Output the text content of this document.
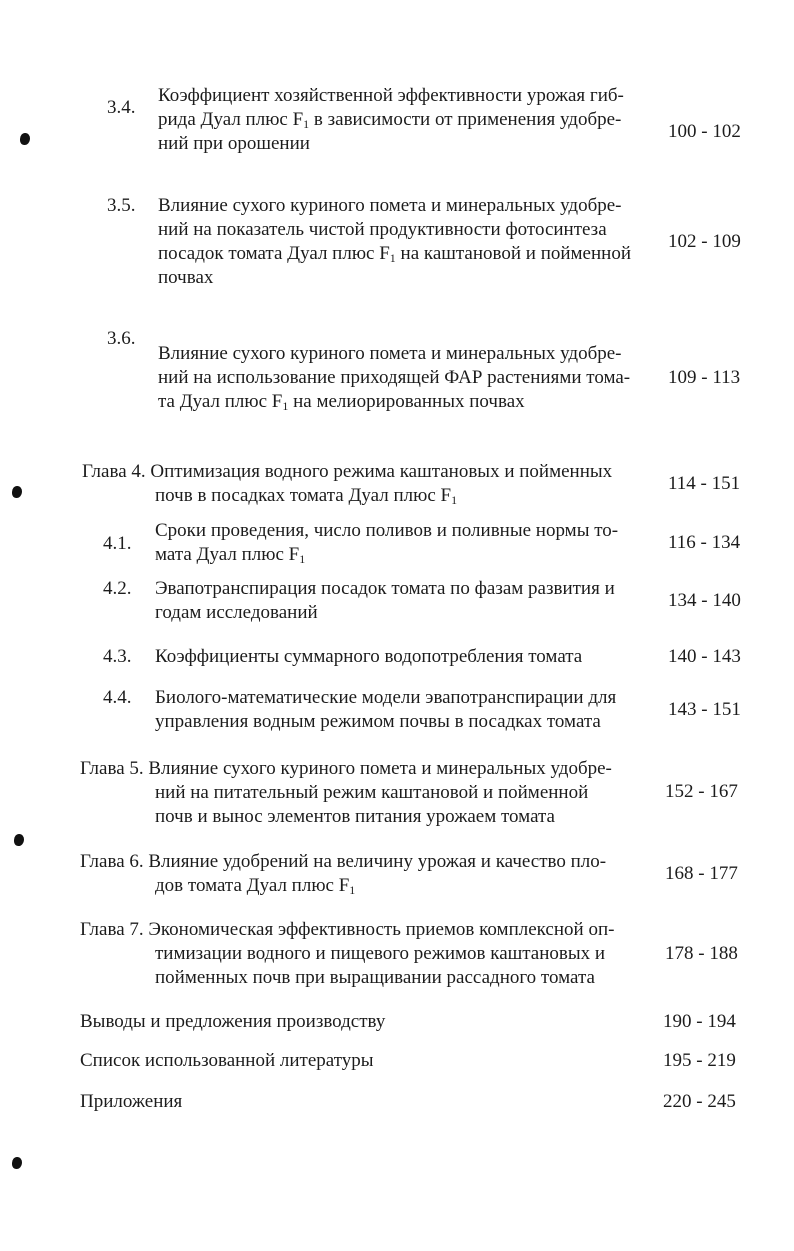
3.4.
Коэффициент хозяйственной эффективности урожая гиб-
рида Дуал плюс $F_1$ в зависимости от применения удобре-
ний при орошении
100 - 102
3.5. Влияние сухого куриного помета и минеральных удобре-
ний на показатель чистой продуктивности фотосинтеза
посадок томата Дуал плюс $F_1$ на каштановой и пойменной
почвах
102 - 109
3.6.
Влияние сухого куриного помета и минеральных удобре-
ний на использование приходящей ФАР растениями тома-
та Дуал плюс $F_1$ на мелиорированных почвах
109 - 113
Глава 4. Оптимизация водного режима каштановых и пойменных
почв в посадках томата Дуал плюс $F_1$
114 - 151
4.1.
Сроки проведения, число поливов и поливные нормы то-
мата Дуал плюс $F_1$
116 - 134
4.2. Эвапотранспирация посадок томата по фазам развития и
годам исследований
134 - 140
4.3. Коэффициенты суммарного водопотребления томата	140 - 143
4.4. Биолого-математические модели эвапотранспирации для
управления водным режимом почвы в посадках томата
143 - 151
Глава 5. Влияние сухого куриного помета и минеральных удобре-
ний на питательный режим каштановой и пойменной
почв и вынос элементов питания урожаем томата
152 - 167
Глава 6. Влияние удобрений на величину урожая и качество пло-
дов томата Дуал плюс $F_1$
168 - 177
Глава 7. Экономическая эффективность приемов комплексной оп-
тимизации водного и пищевого режимов каштановых и
пойменных почв при выращивании рассадного томата
178 - 188
Выводы и предложения производству	190 - 194
Список использованной литературы	195 - 219
Приложения	220 - 245
